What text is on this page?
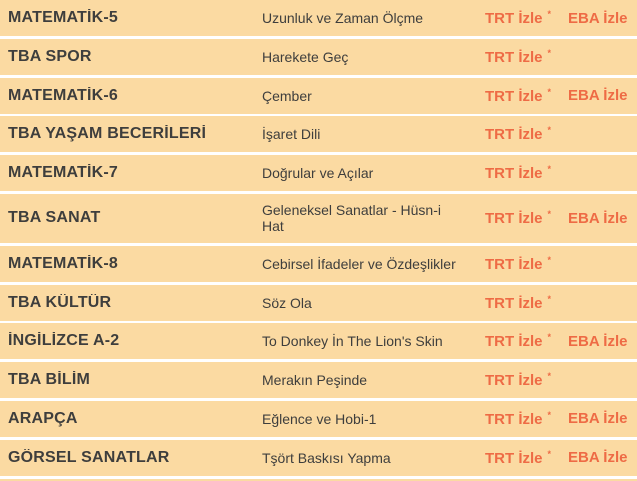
MATEMATİK-5	Uzunluk ve Zaman Ölçme	TRT İzle *	EBA İzle
TBA SPOR	Harekete Geç	TRT İzle *
MATEMATİK-6	Çember	TRT İzle *	EBA İzle
TBA YAŞAM BECERİLERİ	İşaret Dili	TRT İzle *
MATEMATİK-7	Doğrular ve Açılar	TRT İzle *
TBA SANAT	Geleneksel Sanatlar - Hüsn-i Hat	TRT İzle *	EBA İzle
MATEMATİK-8	Cebirsel İfadeler ve Özdeşlikler	TRT İzle *
TBA KÜLTÜR	Söz Ola	TRT İzle *
İNGİLİZCE A-2	To Donkey İn The Lion's Skin	TRT İzle *	EBA İzle
TBA BİLİM	Merakın Peşinde	TRT İzle *
ARAPÇA	Eğlence ve Hobi-1	TRT İzle *	EBA İzle
GÖRSEL SANATLAR	Tşört Baskısı Yapma	TRT İzle *	EBA İzle
